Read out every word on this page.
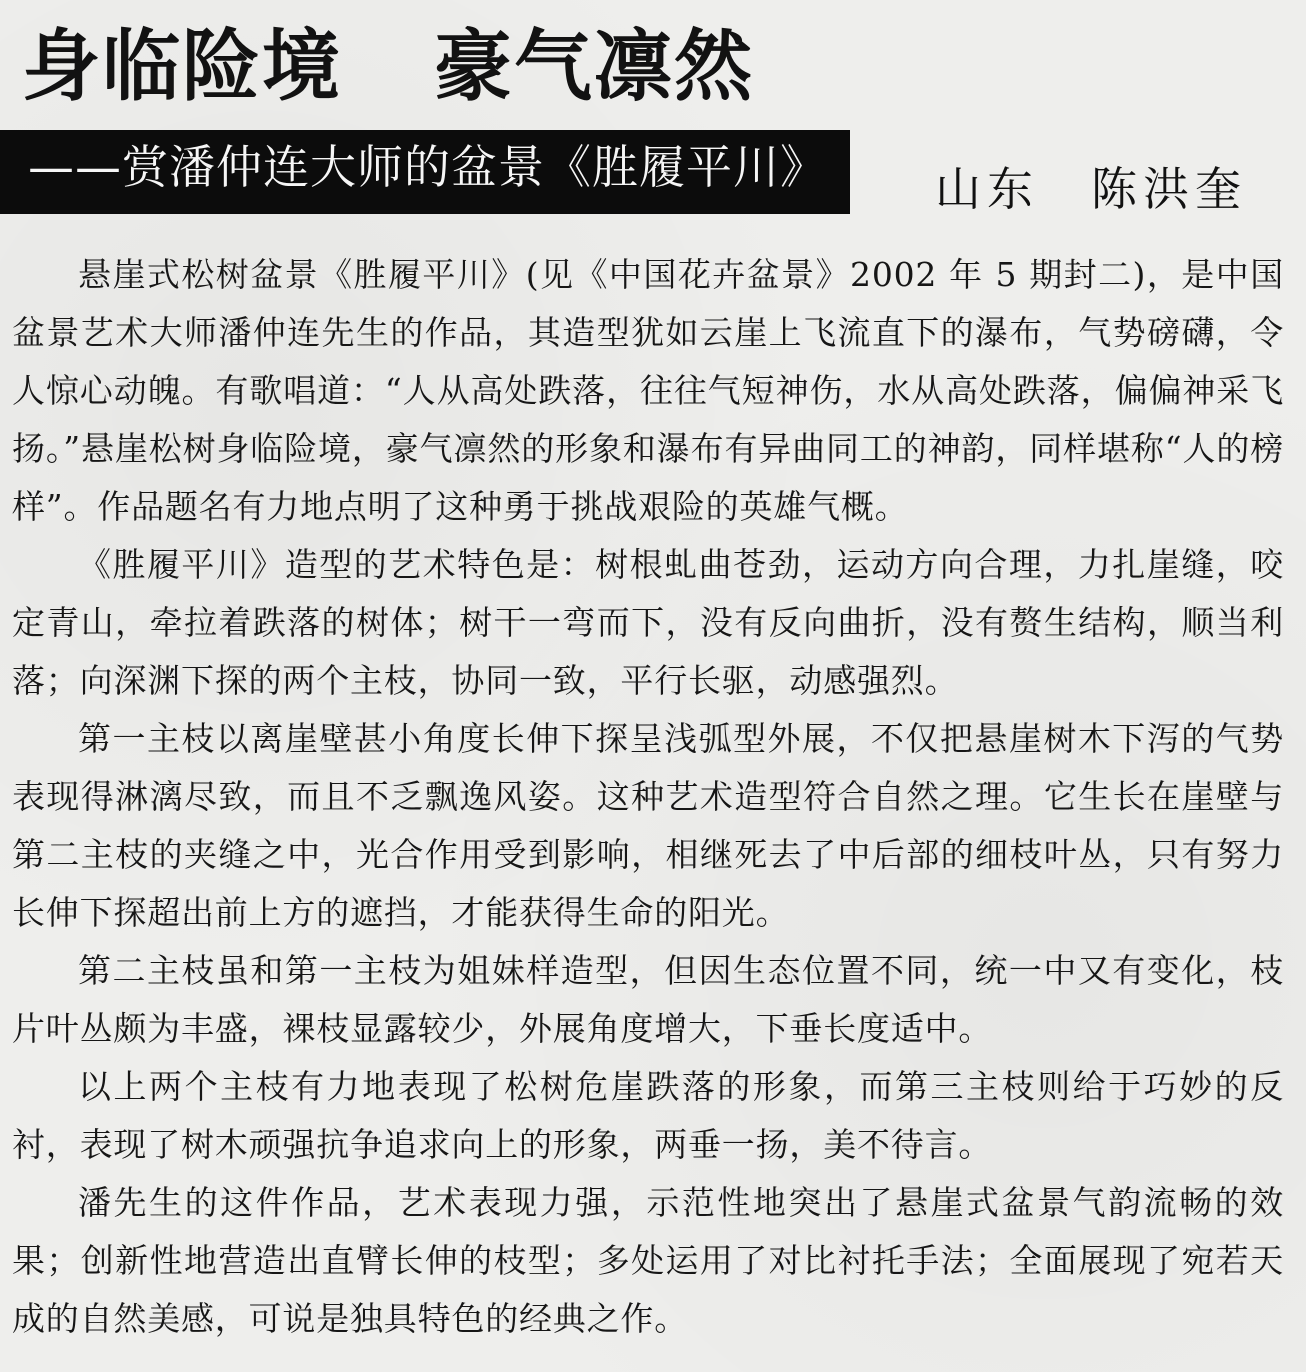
身临险境 豪气凛然
——赏潘仲连大师的盆景《胜履平川》 山东　陈洪奎

悬崖式松树盆景《胜履平川》(见《中国花卉盆景》2002 年 5 期封二)，是中国盆景艺术大师潘仲连先生的作品，其造型犹如云崖上飞流直下的瀑布，气势磅礴，令人惊心动魄。有歌唱道：“人从高处跌落，往往气短神伤，水从高处跌落，偏偏神采飞扬。”悬崖松树身临险境，豪气凛然的形象和瀑布有异曲同工的神韵，同样堪称“人的榜样”。作品题名有力地点明了这种勇于挑战艰险的英雄气概。

《胜履平川》造型的艺术特色是：树根虬曲苍劲，运动方向合理，力扎崖缝，咬定青山，牵拉着跌落的树体；树干一弯而下，没有反向曲折，没有赘生结构，顺当利落；向深渊下探的两个主枝，协同一致，平行长驱，动感强烈。

第一主枝以离崖壁甚小角度长伸下探呈浅弧型外展，不仅把悬崖树木下泻的气势表现得淋漓尽致，而且不乏飘逸风姿。这种艺术造型符合自然之理。它生长在崖壁与第二主枝的夹缝之中，光合作用受到影响，相继死去了中后部的细枝叶丛，只有努力长伸下探超出前上方的遮挡，才能获得生命的阳光。

第二主枝虽和第一主枝为姐妹样造型，但因生态位置不同，统一中又有变化，枝片叶丛颇为丰盛，裸枝显露较少，外展角度增大，下垂长度适中。

以上两个主枝有力地表现了松树危崖跌落的形象，而第三主枝则给于巧妙的反衬，表现了树木顽强抗争追求向上的形象，两垂一扬，美不待言。

潘先生的这件作品，艺术表现力强，示范性地突出了悬崖式盆景气韵流畅的效果；创新性地营造出直臂长伸的枝型；多处运用了对比衬托手法；全面展现了宛若天成的自然美感，可说是独具特色的经典之作。
